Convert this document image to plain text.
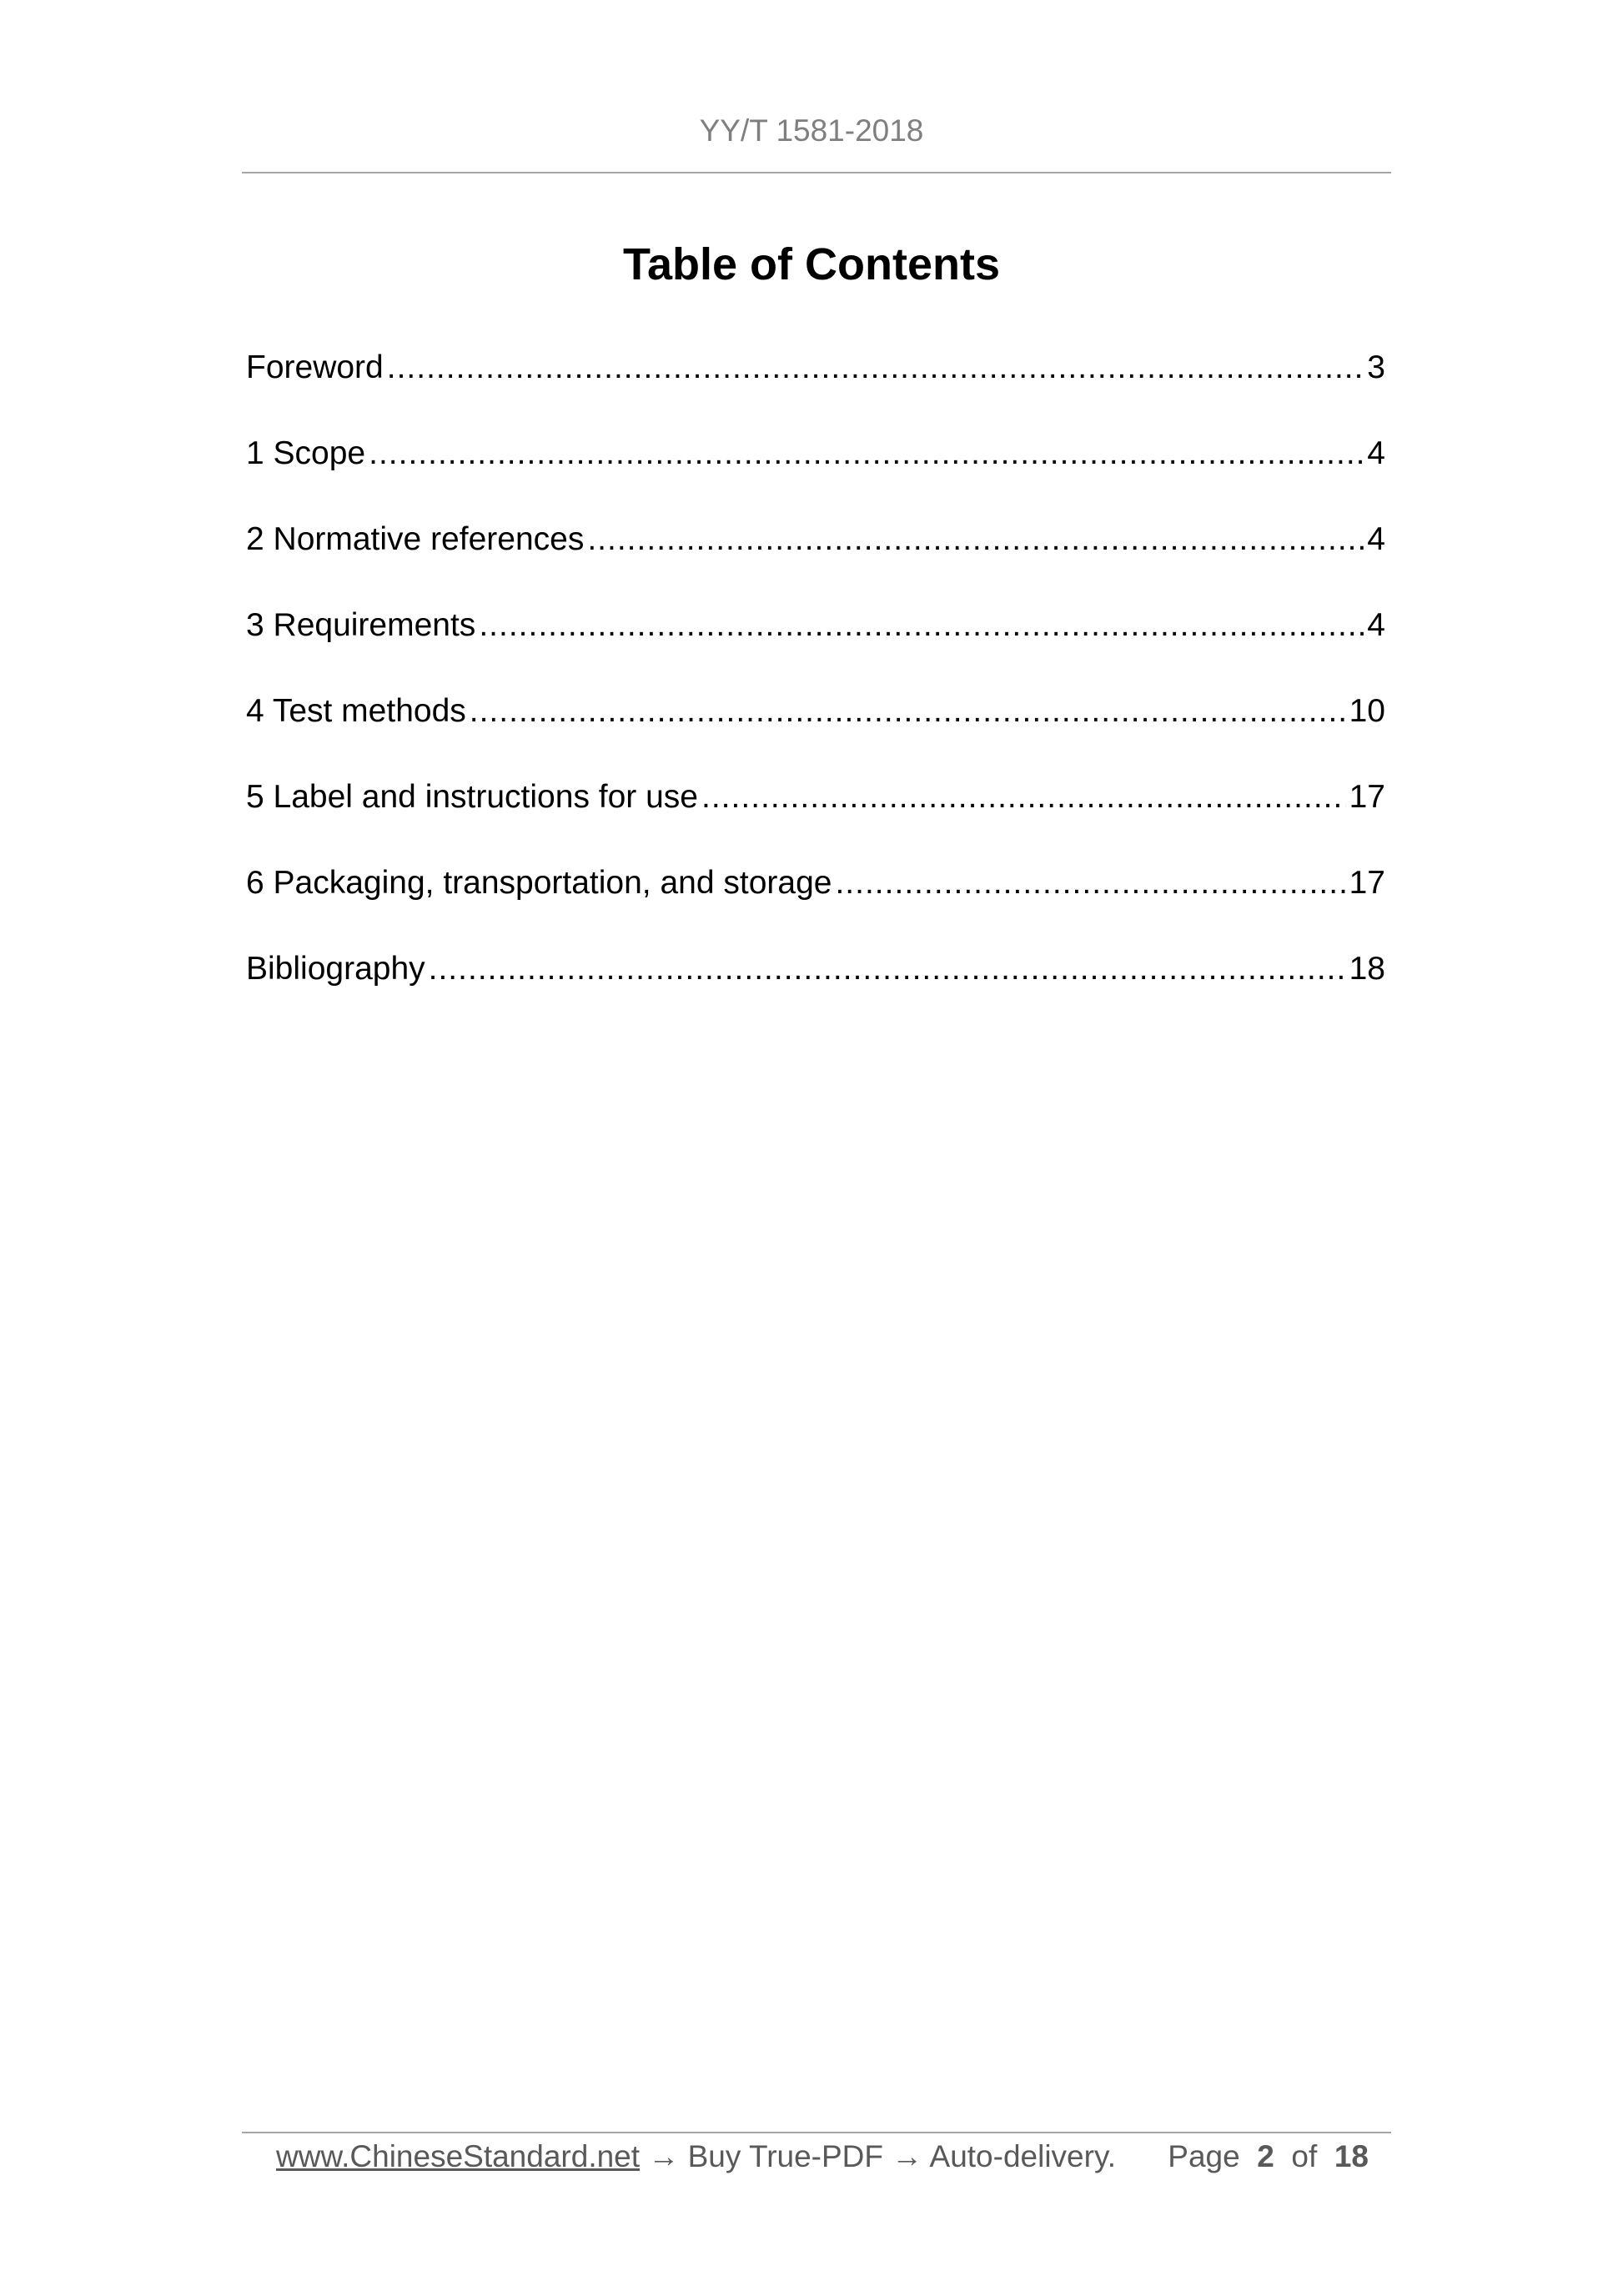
YY/T 1581-2018
Table of Contents
Foreword .....	3
1 Scope .....	4
2 Normative references .....	4
3 Requirements .....	4
4 Test methods .....	10
5 Label and instructions for use .....	17
6 Packaging, transportation, and storage .....	17
Bibliography .....	18
www.ChineseStandard.net → Buy True-PDF → Auto-delivery. Page 2 of 18
